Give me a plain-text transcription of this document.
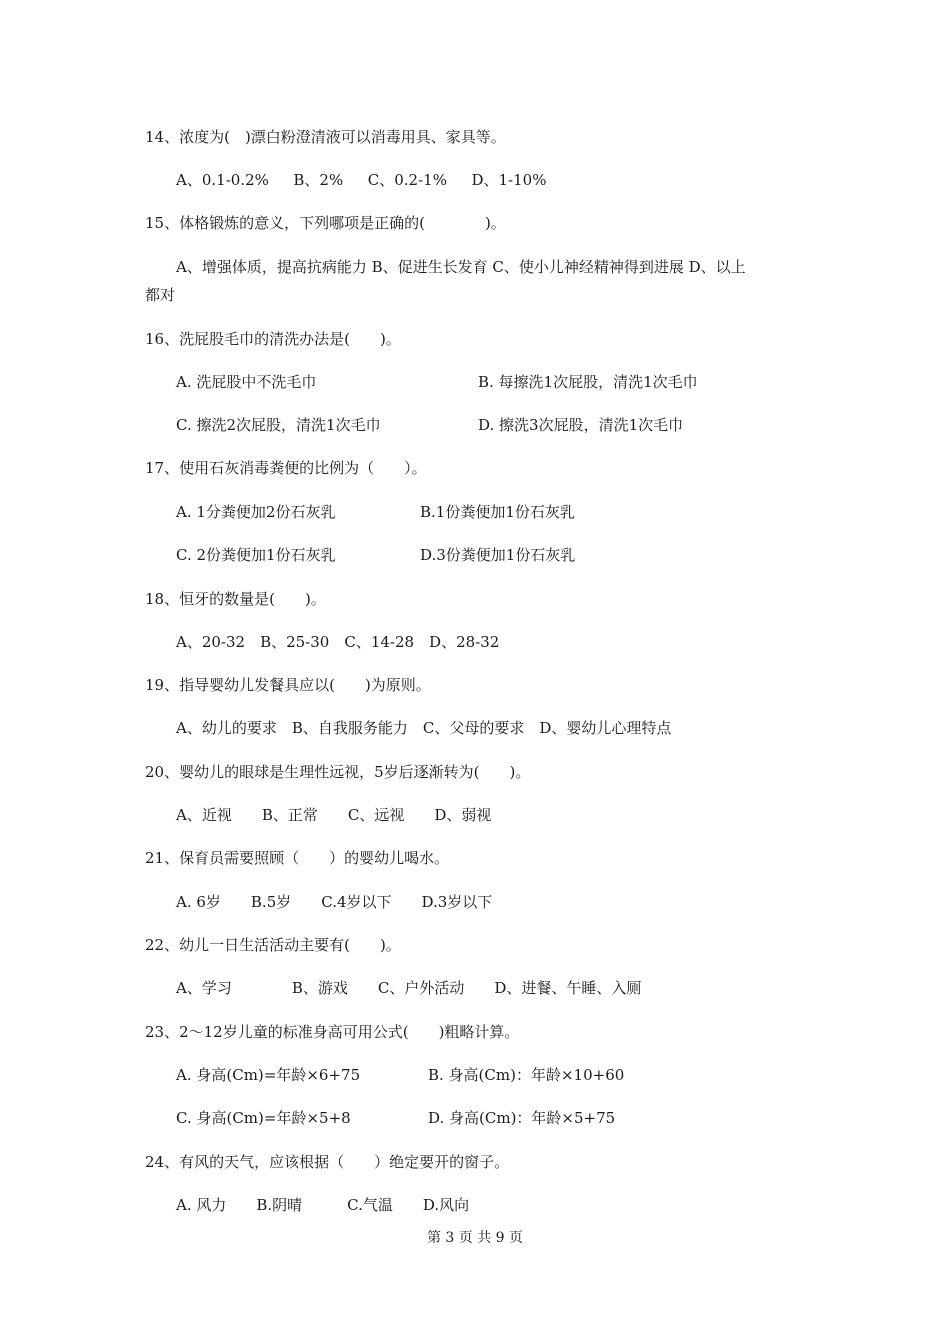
14、浓度为(　)漂白粉澄清液可以消毒用具、家具等。
A、0.1-0.2%　  B、2%　  C、0.2-1%　  D、1-10%
15、体格锻炼的意义，下列哪项是正确的(　　　　)。
A、增强体质，提高抗病能力 B、促进生长发育 C、使小儿神经精神得到进展 D、以上
都对
16、洗屁股毛巾的清洗办法是(　　)。
A. 洗屁股中不洗毛巾	B. 每擦洗1次屁股，清洗1次毛巾
C. 擦洗2次屁股，清洗1次毛巾	D. 擦洗3次屁股，清洗1次毛巾
17、使用石灰消毒粪便的比例为（　　）。
A. 1分粪便加2份石灰乳	B.1份粪便加1份石灰乳
C. 2份粪便加1份石灰乳	D.3份粪便加1份石灰乳
18、恒牙的数量是(　　)。
A、20-32　B、25-30　C、14-28　D、28-32
19、指导婴幼儿发餐具应以(　　)为原则。
A、幼儿的要求　B、自我服务能力　C、父母的要求　D、婴幼儿心理特点
20、婴幼儿的眼球是生理性远视，5岁后逐渐转为(　　)。
A、近视　　B、正常　　C、远视　　D、弱视
21、保育员需要照顾（　　）的婴幼儿喝水。
A. 6岁　　B.5岁　　C.4岁以下　　D.3岁以下
22、幼儿一日生活活动主要有(　　)。
A、学习　　　　B、游戏　　C、户外活动　　D、进餐、午睡、入厕
23、2～12岁儿童的标准身高可用公式(　　)粗略计算。
A. 身高(Cm)=年龄×6+75	B. 身高(Cm)：年龄×10+60
C. 身高(Cm)=年龄×5+8	D. 身高(Cm)：年龄×5+75
24、有风的天气，应该根据（　　）绝定要开的窗子。
A. 风力　　B.阴晴　　　C.气温　　D.风向
第 3 页 共 9 页
